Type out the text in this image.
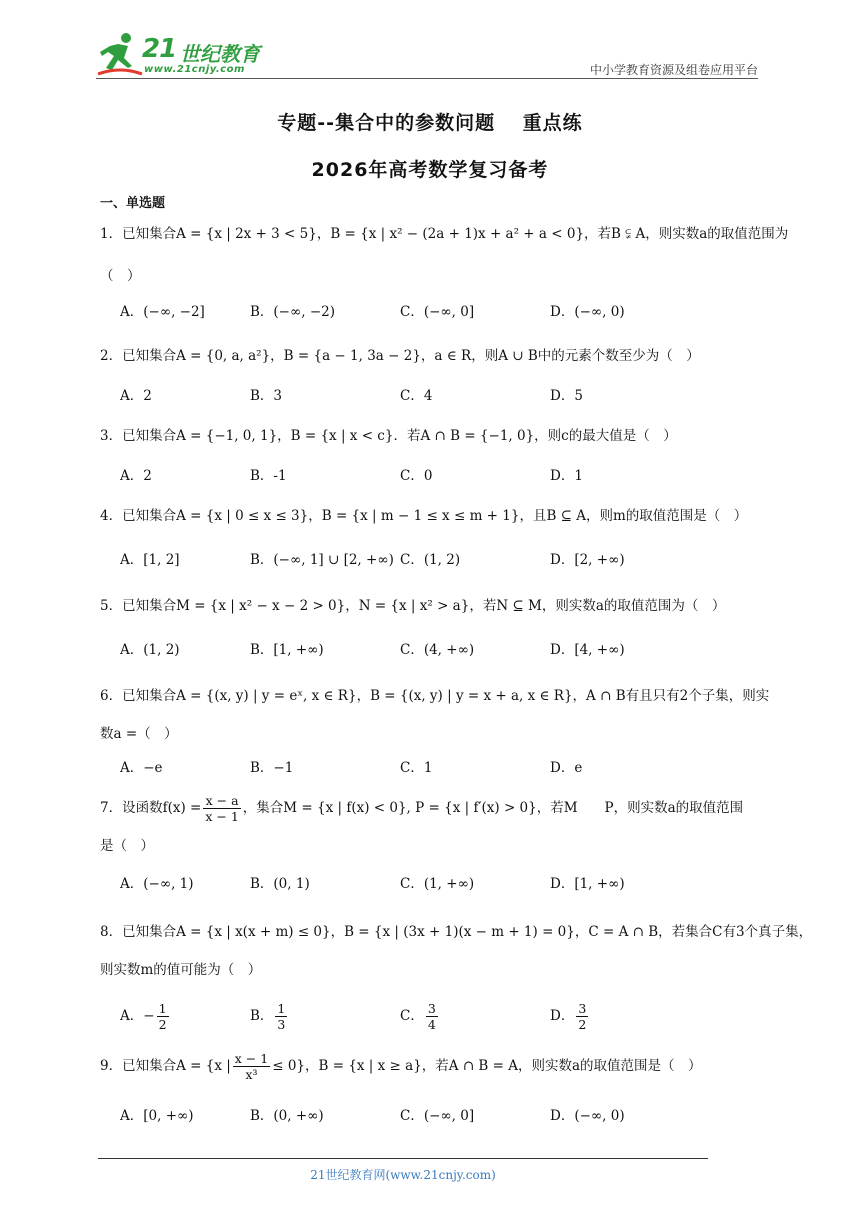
21 世纪教育
www.21cnjy.com	中小学教育资源及组卷应用平台
专题--集合中的参数问题　 重点练
2026年高考数学复习备考
一、单选题
1．已知集合A = {x | 2x + 3 < 5}，B = {x | x² − (2a + 1)x + a² + a < 0}，若B ⫋ A，则实数a的取值范围为
（　）
A．(−∞, −2]	B．(−∞, −2)	C．(−∞, 0]	D．(−∞, 0)
2．已知集合A = {0, a, a²}，B = {a − 1, 3a − 2}，a ∈ R，则A ∪ B中的元素个数至少为（　）
A．2	B．3	C．4	D．5
3．已知集合A = {−1, 0, 1}，B = {x | x < c}．若A ∩ B = {−1, 0}，则c的最大值是（　）
A．2	B．-1	C．0	D．1
4．已知集合A = {x | 0 ≤ x ≤ 3}，B = {x | m − 1 ≤ x ≤ m + 1}，且B ⊆ A，则m的取值范围是（　）
A．[1, 2]	B．(−∞, 1] ∪ [2, +∞) C．(1, 2)	D．[2, +∞)
5．已知集合M = {x | x² − x − 2 > 0}，N = {x | x² > a}，若N ⊆ M，则实数a的取值范围为（　）
A．(1, 2)	B．[1, +∞)	C．(4, +∞)	D．[4, +∞)
6．已知集合A = {(x, y) | y = eˣ, x ∈ R}，B = {(x, y) | y = x + a, x ∈ R}，A ∩ B有且只有2个子集，则实
数a =（　）
A．−e	B．−1	C．1	D．e
7．设函数$f(x) = \frac{x - a}{x - 1}$ ，集合M = {x | f(x) < 0}, P = {x | f′(x) > 0}，若M　　P，则实数a的取值范围
是（　）
A．(−∞, 1)	B．(0, 1)	C．(1, +∞)	D．[1, +∞)
8．已知集合A = {x | x(x + m) ≤ 0}，B = {x | (3x + 1)(x − m + 1) = 0}，C = A ∩ B，若集合C有3个真子集，
则实数m的值可能为（　）
A．− $\frac{1}{2}$	B． $\frac{1}{3}$	C． $\frac{3}{4}$	D． $\frac{3}{2}$
9．已知集合A = {x | $\frac{x - 1}{\text{x³}} \le 0$}，B = {x | x ≥ a}，若A ∩ B = A，则实数a的取值范围是（　）
A．[0, +∞)	B．(0, +∞)	C．(−∞, 0]	D．(−∞, 0)
21世纪教育网(www.21cnjy.com)
